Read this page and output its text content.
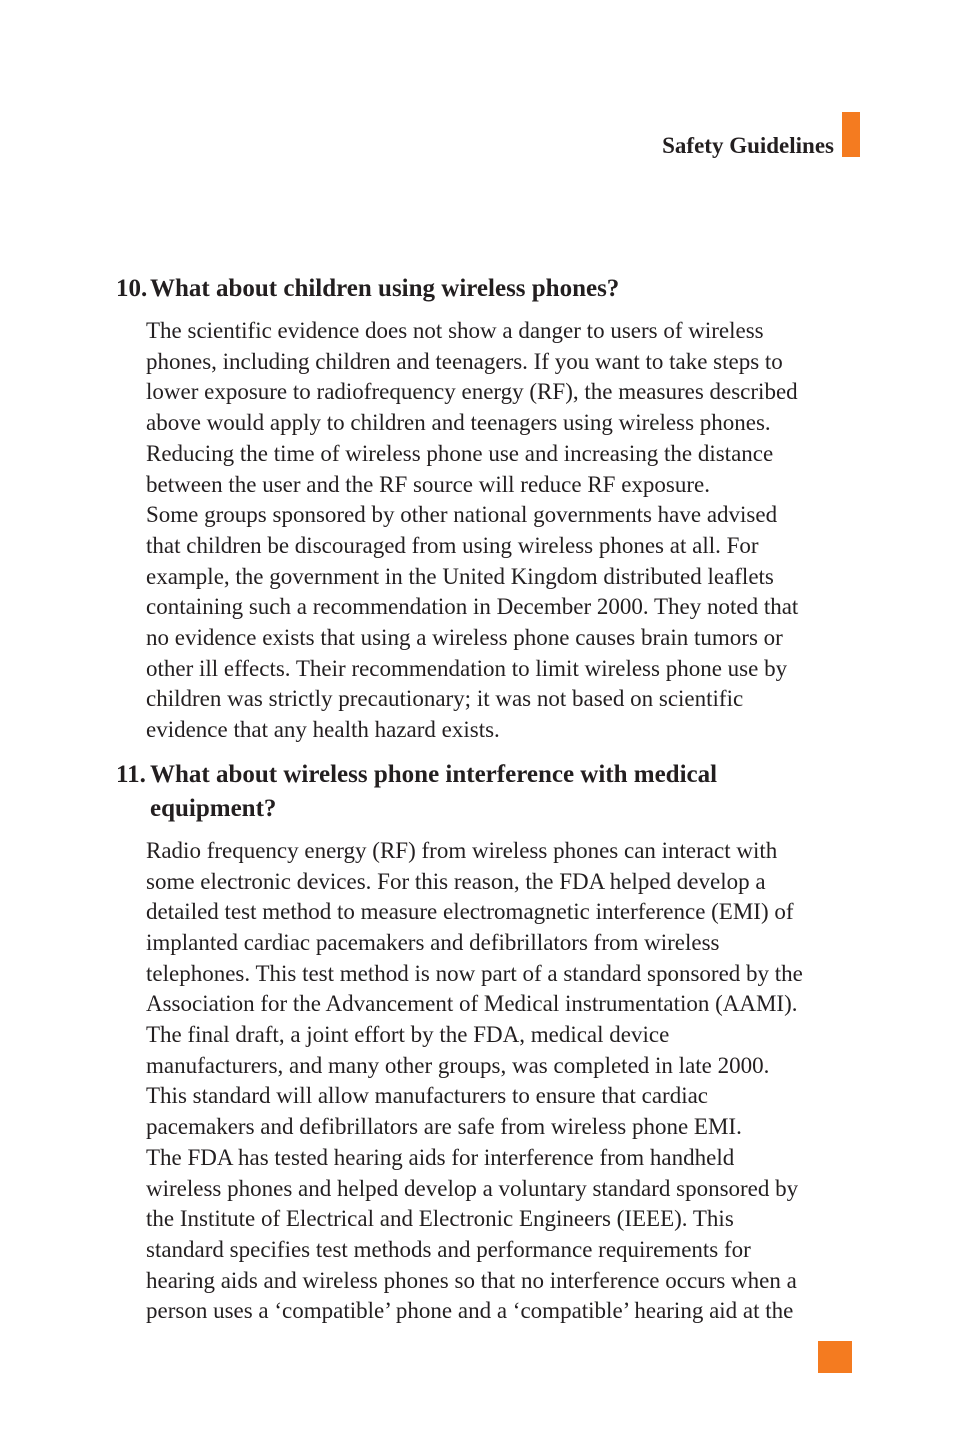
Safety Guidelines
10. What about children using wireless phones?
The scientific evidence does not show a danger to users of wireless
phones, including children and teenagers. If you want to take steps to
lower exposure to radiofrequency energy (RF), the measures described
above would apply to children and teenagers using wireless phones.
Reducing the time of wireless phone use and increasing the distance
between the user and the RF source will reduce RF exposure.
Some groups sponsored by other national governments have advised
that children be discouraged from using wireless phones at all. For
example, the government in the United Kingdom distributed leaflets
containing such a recommendation in December 2000. They noted that
no evidence exists that using a wireless phone causes brain tumors or
other ill effects. Their recommendation to limit wireless phone use by
children was strictly precautionary; it was not based on scientific
evidence that any health hazard exists.
11. What about wireless phone interference with medical
equipment?
Radio frequency energy (RF) from wireless phones can interact with
some electronic devices. For this reason, the FDA helped develop a
detailed test method to measure electromagnetic interference (EMI) of
implanted cardiac pacemakers and defibrillators from wireless
telephones. This test method is now part of a standard sponsored by the
Association for the Advancement of Medical instrumentation (AAMI).
The final draft, a joint effort by the FDA, medical device
manufacturers, and many other groups, was completed in late 2000.
This standard will allow manufacturers to ensure that cardiac
pacemakers and defibrillators are safe from wireless phone EMI.
The FDA has tested hearing aids for interference from handheld
wireless phones and helped develop a voluntary standard sponsored by
the Institute of Electrical and Electronic Engineers (IEEE). This
standard specifies test methods and performance requirements for
hearing aids and wireless phones so that no interference occurs when a
person uses a ‘compatible’ phone and a ‘compatible’ hearing aid at the
